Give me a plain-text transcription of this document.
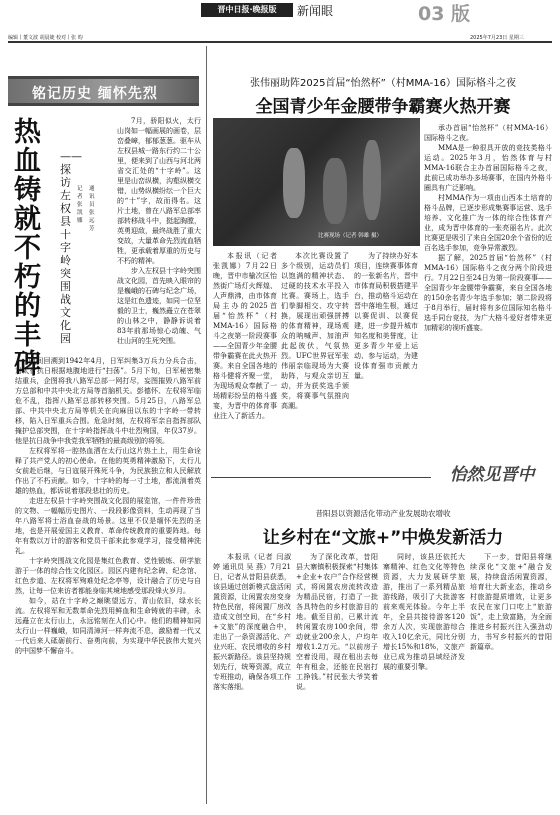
编辑丨董文波 胡晨婕 校对丨张 昀
晋中日报·晚报版	新闻眼	03 版
2025年7月23日 星期三
铭记历史 缅怀先烈
热血铸就不朽的丰碑
——探访左权县十字岭突围战文化园
记者 张凯娜
通讯员 张远芳

7月，骄阳似火，太行山岗如一幅画展的画卷，层峦叠嶂，郁郁葱葱。驱车从左权县城一路东行约二十公里，便来到了山西与河北两省交汇处的“十字岭”。这里是山峦纵横，沟壑纵横交错，山势纵横纷纭一个巨大的“十”字，故而得名。这片土地，曾在八路军总部率部转移战斗中，挺起胸膛，英勇迎敌，最终战胜了重大变故，大量革命先烈流血牺牲，更承载着厚重的历史与不朽的精神。

步入左权县十字岭突围战文化园，首先映入眼帘的是巍峨的石碑与纪念广场，这是红色遗迹，如同一位坚毅的卫士，巍然矗立在苍翠的山林之中，静静诉说着83年前那场惊心动魄、气壮山河的生死突围。

时间回溯到1942年4月，日军纠集3万兵力分兵合击，对太行抗日根据地腹地进行“扫荡”。5月下旬，日军秘密集结重兵，企图将我八路军总部一网打尽，妄图摧毁八路军前方总部和中共中央北方局等首脑机关。彭德怀、左权将军临危不乱，指挥八路军总部转移突围。5月25日，八路军总部、中共中央北方局等机关在向麻田以东的十字岭一带转移，陷入日军重兵合围。危急时刻，左权将军亲自指挥部队掩护总部突围，在十字岭指挥战斗中壮烈殉国，年仅37岁。他是抗日战争中我党我军牺牲的最高级别的将领。

左权将军将一腔热血洒在太行山这片热土上，用生命诠释了共产党人的初心使命。在他的英勇精神激励下，太行儿女前赴后继，与日寇展开殊死斗争，为民族独立和人民解放作出了不朽贡献。如今，十字岭的每一寸土地，都流淌着英雄的热血，都诉说着那段悲壮的历史。

走进左权县十字岭突围战文化园的展览馆，一件件珍贵的文物、一幅幅历史图片、一段段影像资料，生动再现了当年八路军将士浴血奋战的场景。这里不仅是缅怀先烈的圣地，也是开展爱国主义教育、革命传统教育的重要阵地。每年有数以万计的游客和党员干部来此参观学习，接受精神洗礼。

十字岭突围战文化园是集红色教育、党性锻炼、研学旅游于一体的综合性文化园区。园区内建有纪念碑、纪念馆、红色步道、左权将军殉难处纪念亭等，设计融合了历史与自然，让每一位来访者都能身临其境地感受那段烽火岁月。

如今，站在十字岭之巅眺望远方，青山依旧，绿水长流。左权将军和无数革命先烈用鲜血和生命铸就的丰碑，永远矗立在太行山上，永远铭刻在人们心中。他们的精神如同太行山一样巍峨，如同清漳河一样奔流不息，激励着一代又一代后来人砥砺前行、奋勇向前，为实现中华民族伟大复兴的中国梦不懈奋斗。

张伟丽助阵2025首届“怡然杯”（村MMA-16）国际格斗之夜
全国青少年金腰带争霸赛火热开赛
比赛现场（记者 韩雄 摄）

本报讯（记者 张凯娜）7月22日晚，晋中市榆次区怡然街广场灯火辉煌、人声鼎沸，由市体育局主办的2025首届“怡然杯”（村MMA-16）国际格斗之夜第一阶段赛事——全国青少年金腰带争霸赛在此火热开赛。来自全国各地的格斗健将齐聚一堂，为现场观众奉献了一场精彩纷呈的格斗盛宴，为晋中的体育事业注入了新活力。

本次比赛设置了多个级别，运动员们以饱满的精神状态、过硬的技术水平投入比赛。赛场上，选手们拳脚相交、攻守转换，展现出顽强拼搏的体育精神，现场观众的呐喊声、加油声此起彼伏，气氛热烈。UFC世界冠军张伟丽亲临现场为大赛助阵，与观众亲切互动，并为获奖选手颁奖，将赛事气氛推向高潮。

为了持续办好本项目，连续赛事体育的一张新名片，晋中市体育局积极搭建平台，推动格斗运动在晋中落地生根，通过以赛促训、以赛促建，进一步提升城市知名度和美誉度，让更多青少年爱上运动、参与运动，为建设体育强市贡献力量。

承办首届“怡然杯”（村MMA-16）国际格斗之夜。

MMA是一种很具开放的竞技类格斗运动。2025年3月，怡然体育与村MMA-16联合主办首届国际格斗之夜，此前已成功举办多场赛事，在国内外格斗圈具有广泛影响。

村MMA作为一项由山西本土培育的格斗品牌，已逐步形成集赛事运营、选手培养、文化推广为一体的综合性体育产业，成为晋中体育的一张亮丽名片。此次比赛更是吸引了来自全国20余个省份的近百名选手参加，竞争异常激烈。

据了解，2025首届“怡然杯”（村MMA-16）国际格斗之夜分两个阶段进行。7月22日至24日为第一阶段赛事——全国青少年金腰带争霸赛，来自全国各地的150余名青少年选手参加；第二阶段将于8月举行，届时将有多位国际知名格斗选手同台竞技，为广大格斗爱好者带来更加精彩的视听盛宴。

怡然见晋中
昔阳县以资源活化带动产业发展助农增收
让乡村在“文旅+”中焕发新活力

本报讯（记者 闫淑婷 通讯员 吴 燕）7月21日，记者从昔阳县获悉，该县通过创新模式盘活闲置资源，让闲置农房变身特色民宿，将闲置厂房改造成文创空间，在“乡村+文旅”的深度融合中，走出了一条资源活化、产业兴旺、农民增收的乡村振兴新路径。该县坚持规划先行，统筹资源，成立专班推动，确保各项工作落实落细。

为了深化改革，昔阳县大寨镇积极探索“村集体+企业+农户”合作经营模式，将闲置农房流转改造为精品民宿，打造了一批各具特色的乡村旅游目的地。截至目前，已累计流转闲置农房100余间，带动就业200余人，户均年增收1.2万元。“以前房子空着没用，现在租出去每年有租金，还能在民宿打工挣钱。”村民张大爷笑着说。

同时，该县还依托大寨精神、红色文化等特色资源，大力发展研学旅游，推出了一系列精品旅游线路，吸引了大批游客前来观光体验。今年上半年，全县共接待游客120余万人次，实现旅游综合收入10亿余元，同比分别增长15%和18%，文旅产业已成为推动县域经济发展的重要引擎。

下一步，昔阳县将继续深化“文旅+”融合发展，持续盘活闲置资源，培育壮大新业态，推动乡村旅游提质增效，让更多农民在家门口吃上“旅游饭”，走上致富路，为全面推进乡村振兴注入强劲动力，书写乡村振兴的昔阳新篇章。
